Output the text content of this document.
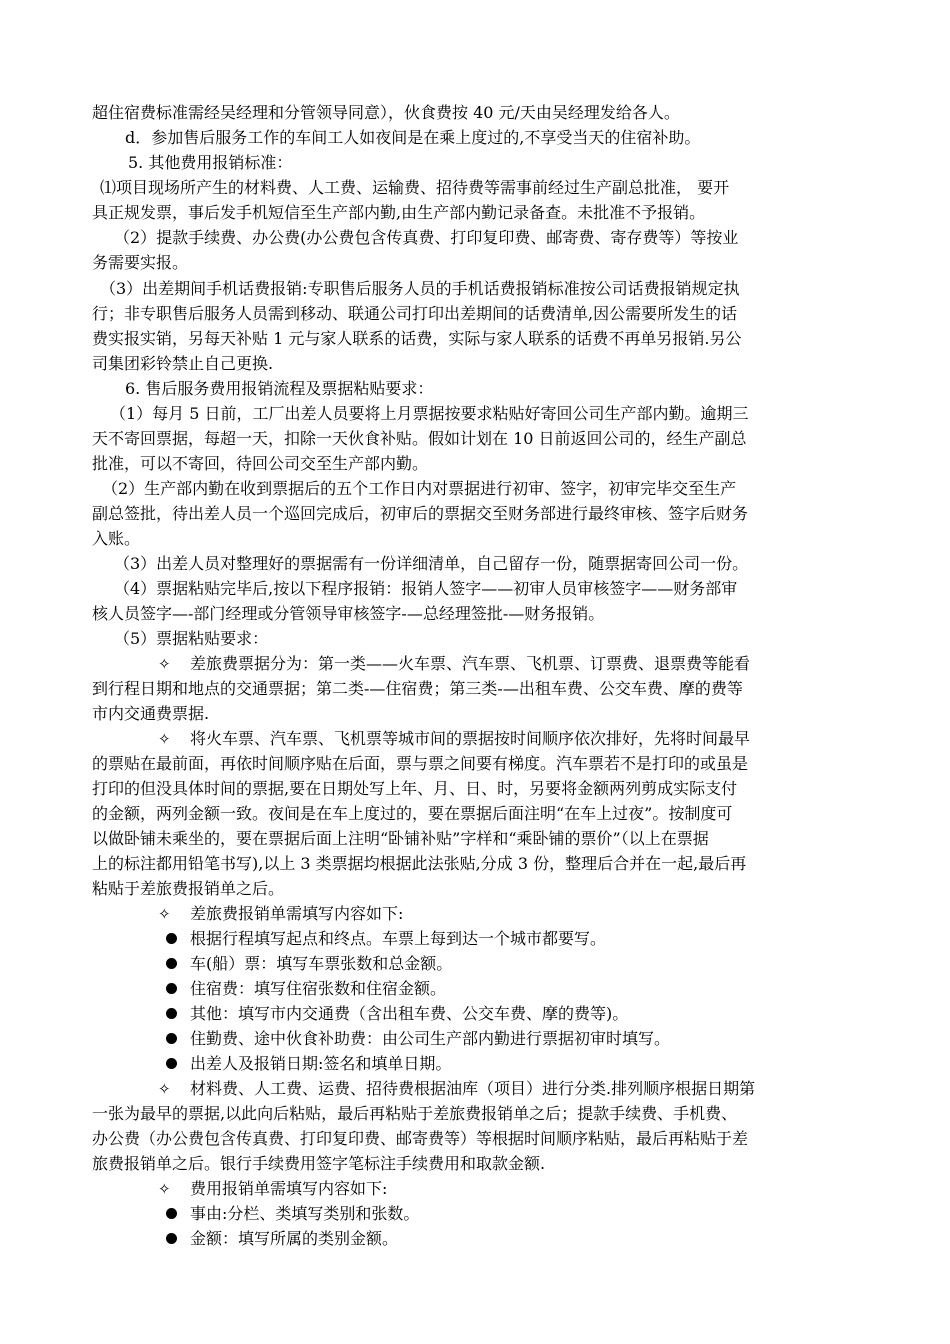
超住宿费标准需经吴经理和分管领导同意），伙食费按 40 元/天由吴经理发给各人。
d．参加售后服务工作的车间工人如夜间是在乘上度过的,不享受当天的住宿补助。
5. 其他费用报销标准：
⑴项目现场所产生的材料费、人工费、运输费、招待费等需事前经过生产副总批准， 要开
具正规发票，事后发手机短信至生产部内勤,由生产部内勤记录备查。未批准不予报销。
（2）提款手续费、办公费(办公费包含传真费、打印复印费、邮寄费、寄存费等）等按业
务需要实报。
（3）出差期间手机话费报销:专职售后服务人员的手机话费报销标准按公司话费报销规定执
行；非专职售后服务人员需到移动、联通公司打印出差期间的话费清单,因公需要所发生的话
费实报实销，另每天补贴 1 元与家人联系的话费，实际与家人联系的话费不再单另报销.另公
司集团彩铃禁止自己更换.
6. 售后服务费用报销流程及票据粘贴要求：
（1）每月 5 日前，工厂出差人员要将上月票据按要求粘贴好寄回公司生产部内勤。逾期三
天不寄回票据，每超一天，扣除一天伙食补贴。假如计划在 10 日前返回公司的，经生产副总
批准，可以不寄回，待回公司交至生产部内勤。
（2）生产部内勤在收到票据后的五个工作日内对票据进行初审、签字，初审完毕交至生产
副总签批，待出差人员一个巡回完成后，初审后的票据交至财务部进行最终审核、签字后财务
入账。
（3）出差人员对整理好的票据需有一份详细清单，自己留存一份，随票据寄回公司一份。
（4）票据粘贴完毕后,按以下程序报销：报销人签字——初审人员审核签字——财务部审
核人员签字—-部门经理或分管领导审核签字-—总经理签批-—财务报销。
（5）票据粘贴要求：
✧	差旅费票据分为：第一类——火车票、汽车票、飞机票、订票费、退票费等能看
到行程日期和地点的交通票据；第二类-—住宿费；第三类-—出租车费、公交车费、摩的费等
市内交通费票据.
✧	将火车票、汽车票、飞机票等城市间的票据按时间顺序依次排好，先将时间最早
的票贴在最前面，再依时间顺序贴在后面，票与票之间要有梯度。汽车票若不是打印的或虽是
打印的但没具体时间的票据,要在日期处写上年、月、日、时，另要将金额两列剪成实际支付
的金额，两列金额一致。夜间是在车上度过的，要在票据后面注明“在车上过夜”。按制度可
以做卧铺未乘坐的，要在票据后面上注明“卧铺补贴”字样和“乘卧铺的票价”（以上在票据
上的标注都用铅笔书写),以上 3 类票据均根据此法张贴,分成 3 份，整理后合并在一起,最后再
粘贴于差旅费报销单之后。
✧	差旅费报销单需填写内容如下:
根据行程填写起点和终点。车票上每到达一个城市都要写。
车(船）票：填写车票张数和总金额。
住宿费：填写住宿张数和住宿金额。
其他：填写市内交通费（含出租车费、公交车费、摩的费等)。
住勤费、途中伙食补助费：由公司生产部内勤进行票据初审时填写。
出差人及报销日期:签名和填单日期。
✧	材料费、人工费、运费、招待费根据油库（项目）进行分类.排列顺序根据日期第
一张为最早的票据,以此向后粘贴，最后再粘贴于差旅费报销单之后；提款手续费、手机费、
办公费（办公费包含传真费、打印复印费、邮寄费等）等根据时间顺序粘贴，最后再粘贴于差
旅费报销单之后。银行手续费用签字笔标注手续费用和取款金额.
✧	费用报销单需填写内容如下:
事由:分栏、类填写类别和张数。
金额：填写所属的类别金额。
